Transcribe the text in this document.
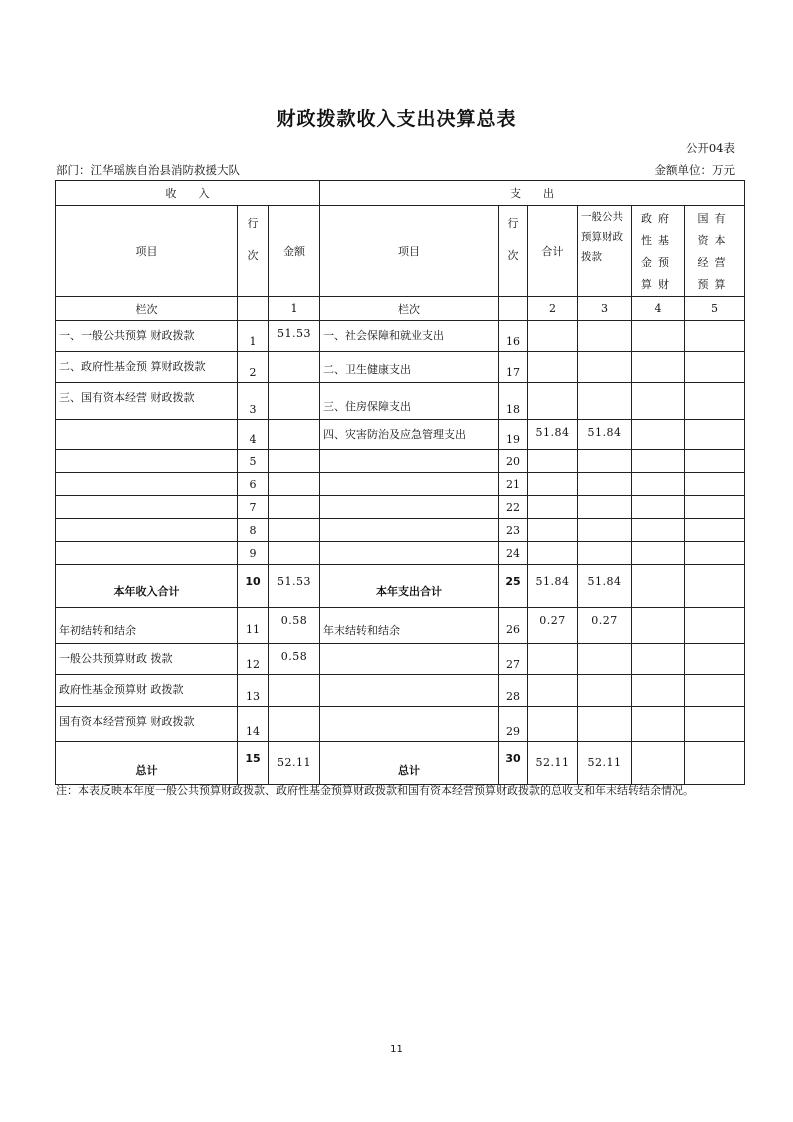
财政拨款收入支出决算总表
公开04表
部门：江华瑶族自治县消防救援大队	金额单位：万元
收　　入			支　　出					
项目	行次	金额	项目	行次	合计	一般公共预算财政拨款	政府性基金预算财	国有资本经营预算
栏次		1	栏次		2	3	4	5
一、一般公共预算 财政拨款	1	51.53	一、社会保障和就业支出	16				
二、政府性基金预 算财政拨款	2		二、卫生健康支出	17				
三、国有资本经营 财政拨款	3		三、住房保障支出	18				
	4		四、灾害防治及应急管理支出	19	51.84	51.84		
	5			20				
	6			21				
	7			22				
	8			23				
	9			24				
本年收入合计	10	51.53	本年支出合计	25	51.84	51.84		
年初结转和结余	11	0.58	年末结转和结余	26	0.27	0.27		
一般公共预算财政 拨款	12	0.58		27				
政府性基金预算财 政拨款	13			28				
国有资本经营预算 财政拨款	14			29				
总计	15	52.11	总计	30	52.11	52.11		
注：本表反映本年度一般公共预算财政拨款、政府性基金预算财政拨款和国有资本经营预算财政拨款的总收支和年末结转结余情况。
11
